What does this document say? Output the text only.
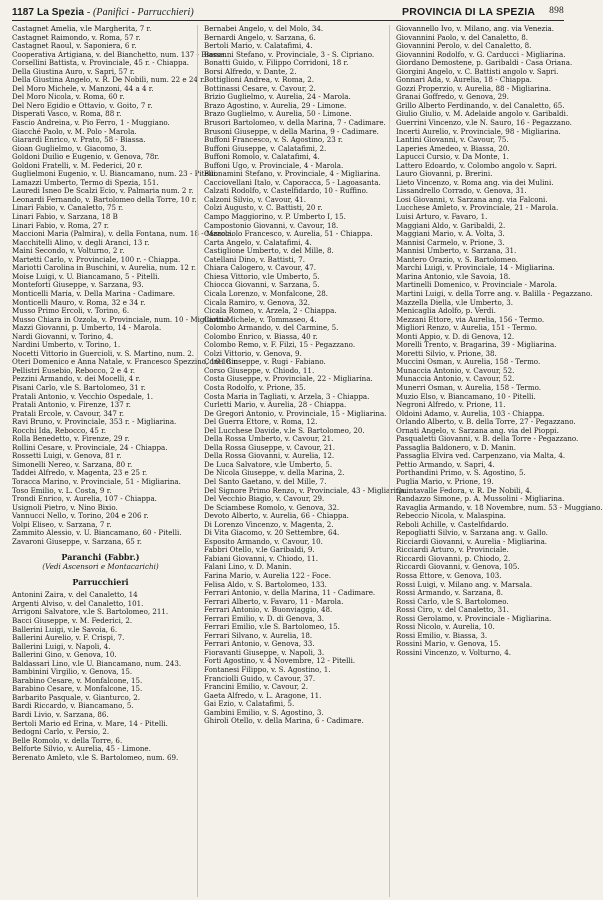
1187 La Spezia - (Panifici - Parrucchieri)	PROVINCIA DI LA SPEZIA 898
Castagnet Amelia, v.le Margherita, 7 r.
Castagnet Raimondo, v. Roma, 57 r.
Castagnet Raoul, v. Saponiera, 6 r.
Cooperativa Artigiana, v. del Bianchetto, num. 137 - Biassa.
Corsellini Battista, v. Provinciale, 45 r. - Chiappa.
Della Giustina Auro, v. Sapri, 57 r.
Della Giustina Angelo, v. R. De Nobili, num. 22 e 24 r.
Del Moro Michele, v. Manzoni, 44 a 4 r.
Del Moro Nicola, v. Roma, 60 r.
Del Nero Egidio e Ottavio, v. Goito, 7 r.
Disperati Vasco, v. Roma, 88 r.
Fascio Andreina, v. Pio Ferro, 1 - Muggiano.
Giacché Paolo, v. M. Polo - Marola.
Giarardi Enrico, v. Prato, 58 - Biassa.
Gioan Guglielmo, v. Giacomo, 3.
Goldoni Duilio e Eugenio, v. Genova, 78r.
Goldoni Fratelli, v. M. Federici, 20 r.
Guglielmoni Eugenio, v. U. Biancamano, num. 23 - Pitelli.
Lamazzi Umberto, Termo di Spezia, 151.
Lauredi Isneo De Scalzi Ecio, v. Palmaria num. 2 r.
Leonardi Fernando, v. Bartolomeo della Torre, 10 r.
Linari Fabio, v. Canaletto, 75 r.
Linari Fabio, v. Sarzana, 18 B
Linari Fabio, v. Roma, 27 r.
Maccioni Maria (Palmira), v. della Fontana, num. 18 - Marola.
Macchitelli Alino, v. degli Aranci, 13 r.
Maini Secondo, v. Volturno, 2 r.
Martetti Carlo, v. Provinciale, 100 r. - Chiappa.
Mariotti Carolina in Buschini, v. Aurelia, num. 12 r.
Moise Luigi, v. U. Biancamano, 5 - Pitelli.
Monteforti Giuseppe, v. Sarzana, 93.
Monticelli Maria, v. Della Marina - Cadimare.
Monticelli Mauro, v. Roma, 32 e 34 r.
Musso Primo Ercoli, v. Torino, 6.
Musso Chiara in Ozzola, v. Provinciale, num. 10 - Migliarina.
Mazzi Giovanni, p. Umberto, 14 - Marola.
Nardi Giovanni, v. Torino, 4.
Nardini Umberto, v. Torino, 1.
Nocetti Vittorio in Guercioli, v. S. Martino, num. 2.
Oteri Domenico e Anna Natale, v. Francesco Spezzino, 16-18 r.
Pellistri Eusebio, Rebocco, 2 e 4 r.
Pezzini Armando, v. dei Mocelli, 4 r.
Pisani Carlo, v.le S. Bartolomeo, 31 r.
Pratali Antonio, v. Vecchio Ospedale, 1.
Pratali Antonio, v. Firenze, 137 r.
Pratali Ercole, v. Cavour, 347 r.
Ravi Bruno, v. Provinciale, 353 r. - Migliarina.
Rocchi Ida, Rebocco, 45 r.
Rolla Benedetto, v. Firenze, 29 r.
Rollini Cesare, v. Provinciale, 24 - Chiappa.
Rossetti Luigi, v. Genova, 81 r.
Simonelli Nereo, v. Sarzana, 80 r.
Taddei Alfredo, v. Magenta, 23 e 25 r.
Toracca Marino, v. Provinciale, 51 - Migliarina.
Toso Emilio, v. L. Costa, 9 r.
Trondi Enrico, v. Aurelia, 107 - Chiappa.
Usignoli Pietro, v. Nino Bixio.
Vannucci Nello, v. Torino, 204 e 206 r.
Volpi Eliseo, v. Sarzana, 7 r.
Zammito Alessio, v. U. Biancamano, 60 - Pitelli.
Zavaroni Giuseppe, v. Sarzana, 65 r.
Paranchi (Fabbr.)
(Vedi Ascensori e Montacarichi)
Parrucchieri
Antonini Zaira, v. del Canaletto, 14
Argenti Alviso, v. del Canaletto, 101.
Arrigoni Salvatore, v.le S. Bartolomeo, 211.
Bacci Giuseppe, v. M. Federici, 2.
Ballerini Luigi, v.le Savoia, 6.
Ballerini Aurelio, v. F. Crispi, 7.
Ballerini Luigi, v. Napoli, 4.
Ballerini Gino, v. Genova, 10.
Baldassari Lino, v.le U. Biancamano, num. 243.
Bambinini Virgilio, v. Genova, 15.
Barabino Cesare, v. Monfalcone, 15.
Barabino Cesare, v. Monfalcone, 15.
Barbarito Pasquale, v. Gianturco, 2.
Bardi Riccardo, v. Biancamano, 5.
Bardi Livio, v. Sarzana, 86.
Bertoli Mario ed Erina, v. Mare, 14 - Pitelli.
Bedogni Carlo, v. Persio, 2.
Belle Romolo, v. della Torre, 6.
Belforte Silvio, v. Aurelia, 45 - Limone.
Berenato Amleto, v.le S. Bartolomeo, num. 69.
Bernabei Angelo, v. del Molo, 34.
Bernardi Angelo, v. Sarzana, 6.
Bertoli Mario, v. Calatafimi, 4.
Bonanni Stefano, v. Provinciale, 3 - S. Cipriano.
Bonatti Guido, v. Filippo Corridoni, 18 r.
Borsi Alfredo, v. Dante, 2.
Bottiglioni Andrea, v. Roma, 2.
Bottinassi Cesare, v. Cavour, 2.
Brizio Guglielmo, v. Aurelia, 24 - Marola.
Brazo Agostino, v. Aurelia, 29 - Limone.
Brazo Guglielmo, v. Aurelia, 50 - Limone.
Brusori Bartolomeo, v. della Marina, 7 - Cadimare.
Brusoni Giuseppe, v. della Marina, 9 - Cadimare.
Buffoni Francesco, v. S. Agostino, 23 r.
Buffoni Giuseppe, v. Calatafimi, 2.
Buffoni Romolo, v. Calatafimi, 4.
Buffoni Ugo, v. Provinciale, 4 - Marola.
Buonamini Stefano, v. Provinciale, 4 - Migliarina.
Cacciovellani Italo, v. Caporacca, 5 - Lagoasanta.
Calzati Rodolfo, v. Castelfidardo, 10 - Ruffino.
Calzoni Silvio, v. Cavour, 41.
Colzi Augusto, v. C. Battisti, 20 r.
Campo Maggiorino, v. P. Umberto I, 15.
Campostonio Giovanni, v. Cavour, 18.
Caracciolo Francesco, v. Aurelia, 51 - Chiappa.
Carta Angelo, v. Calatafimi, 4.
Castiglione Umberto, v. del Mille, 8.
Catellani Dino, v. Battisti, 7.
Chiara Calogero, v. Cavour, 47.
Chiesa Vittorio, v.le Umberto, 5.
Chiocca Giovanni, v. Sarzana, 5.
Cicala Lorenzo, v. Monfalcone, 28.
Cicala Ramiro, v. Genova, 32.
Cicala Romeo, v. Arzela, 2 - Chiappa.
Ciotti Michele, v. Tommaseo, 4.
Colombo Armando, v. del Carmine, 5.
Colombo Enrico, v. Biassa, 40 r.
Colombo Remo, v. F. Filzi, 15 - Pegazzano.
Colzi Vittorio, v. Genova, 9.
Conti Giuseppe, v. Rugi - Fabiano.
Corso Giuseppe, v. Chiodo, 11.
Costa Giuseppe, v. Provinciale, 22 - Migliarina.
Costa Rodolfo, v. Prione, 35.
Costa Maria in Tagliati, v. Arzela, 3 - Chiappa.
Curletti Mario, v. Aurelia, 28 - Chiappa.
De Gregori Antonio, v. Provinciale, 15 - Migliarina.
Del Guerra Ettore, v. Roma, 12.
Del Lucchese Davide, v.le S. Bartolomeo, 20.
Della Rossa Umberto, v. Cavour, 21.
Della Rossa Giuseppe, v. Cavour, 21.
Della Rossa Giovanni, v. Aurelia, 12.
De Luca Salvatore, v.le Umberto, 5.
De Nicola Giuseppe, v. della Marina, 2.
Del Santo Gaetano, v. del Mille, 7.
Del Signore Primo Renzo, v. Provinciale, 43 - Migliarina.
Del Vecchio Biagio, v. Cavour, 29.
De Sciambese Romolo, v. Genova, 32.
Devoto Alberto, v. Aurelia, 66 - Chiappa.
Di Lorenzo Vincenzo, v. Magenta, 2.
Di Vita Giacomo, v. 20 Settembre, 64.
Esposito Armando, v. Cavour, 10.
Fabbri Otello, v.le Garibaldi, 9.
Fabiani Giovanni, v. Chiodo, 11.
Falani Lino, v. D. Manin.
Farina Mario, v. Aurelia 122 - Foce.
Felisa Aldo, v. S. Bartolomeo, 133.
Ferrari Antonio, v. della Marina, 11 - Cadimare.
Ferrari Alberto, v. Favaro, 11 - Marola.
Ferrari Antonio, v. Buonviaggio, 48.
Ferrari Emilio, v. D. di Genova, 3.
Ferrari Emilio, v.le S. Bartolomeo, 15.
Ferrari Silvano, v. Aurelia, 18.
Ferrari Antonio, v. Genova, 33.
Fioravanti Giuseppe, v. Napoli, 3.
Forti Agostino, v. 4 Novembre, 12 - Pitelli.
Fontanesi Filippo, v. S. Agostino, 1.
Franciolli Guido, v. Cavour, 37.
Francini Emilio, v. Cavour, 2.
Gaeta Alfredo, v. L. Aragone, 11.
Gai Ezio, v. Calatafimi, 5.
Gambini Emilio, v. S. Agostino, 3.
Ghiroli Otello, v. della Marina, 6 - Cadimare.
Giovannello Ivo, v. Milano, ang. via Venezia.
Giovannini Paolo, v. del Canaletto, 8.
Giovannini Perolo, v. del Canaletto, 8.
Giovannini Rodolfo, v. G. Carducci - Migliarina.
Giordano Demostene, p. Garibaldi - Casa Oriana.
Giorgini Angelo, v. C. Battisti angolo v. Sapri.
Gonnari Ada, v. Aurelia, 18 - Chiappa.
Gozzi Properzio, v. Aurelia, 88 - Migliarina.
Granai Goffredo, v. Genova, 29.
Grillo Alberto Ferdinando, v. del Canaletto, 65.
Giulio Giulio, v. M. Adelaide angolo v. Garibaldi.
Guerrini Vincenzo, v.le N. Sauro, 16 - Pegazzano.
Incerti Aurelio, v. Provinciale, 98 - Migliarina.
Lantini Giovanni, v. Cavour, 75.
Laperies Amedeo, v. Biassa, 20.
Lapucci Cursio, v. Da Monte, 1.
Lattero Edoardo, v. Colombo angolo v. Sapri.
Lauro Giovanni, p. Brerini.
Lieto Vincenzo, v. Roma ang. via dei Mulini.
Lissandrello Corrado, v. Genova, 31.
Losi Giovanni, v. Sarzana ang. via Falconi.
Lucchese Amleto, v. Provinciale, 21 - Marola.
Luisi Arturo, v. Favaro, 1.
Maggiani Aldo, v. Garibaldi, 2.
Maggiani Mario, v. A. Volta, 3.
Mannisi Carmelo, v. Prione, 3.
Mannisi Umberto, v. Sarzana, 31.
Mantero Orazio, v. S. Bartolomeo.
Marchi Luigi, v. Provinciale, 14 - Migliarina.
Marina Antonio, v.le Savoia, 18.
Martinelli Domenico, v. Provinciale - Marola.
Martini Luigi, v. della Torre ang. v. Balilla - Pegazzano.
Mazzella Diella, v.le Umberto, 3.
Menicaglia Adolfo, p. Verdi.
Mezzani Ettore, via Aurelia, 156 - Termo.
Migliori Renzo, v. Aurelia, 151 - Termo.
Monti Appio, v. D. di Genova, 12.
Morelli Trento, v. Bragarina, 39 - Migliarina.
Moretti Silvio, v. Prione, 38.
Muccini Osman, v. Aurelia, 158 - Termo.
Munaccia Antonio, v. Cavour, 52.
Munaccia Antonio, v. Cavour, 52.
Munerri Osman, v. Aurelia, 158 - Termo.
Muzio Elso, v. Biancamano, 10 - Pitelli.
Negroni Alfredo, v. Prione, 11.
Oldoini Adamo, v. Aurelia, 103 - Chiappa.
Orlando Alberto, v. B. della Torre, 27 - Pegazzano.
Ornati Angelo, v. Sarzana ang. via del Pioppi.
Pasqualetti Giovanni, v. B. della Torre - Pegazzano.
Passaglia Baldonero, v. D. Manin.
Passaglia Elvira ved. Carpenzano, via Malta, 4.
Pettio Armando, v. Sapri, 4.
Porthandini Primo, v. S. Agostino, 5.
Puglia Mario, v. Prione, 19.
Quintavalle Fedora, v. R. De Nobili, 4.
Randazzo Simone, p. A. Mussolini - Migliarina.
Ravaglia Armando, v. 18 Novembre, num. 53 - Muggiano.
Rebeccio Nicola, v. Malaspina.
Reboli Achille, v. Castelfidardo.
Repogliatti Silvio, v. Sarzana ang. v. Gallo.
Ricciardi Giovanni, v. Aurelia - Migliarina.
Ricciardi Arturo, v. Provinciale.
Riccardi Giovanni, p. Chiodo, 2.
Riccardi Giovanni, v. Genova, 105.
Rossa Ettore, v. Genova, 103.
Rossi Luigi, v. Milano ang. v. Marsala.
Rossi Armando, v. Sarzana, 8.
Rossi Carlo, v.le S. Bartolomeo.
Rossi Ciro, v. del Canaletto, 31.
Rossi Gerolamo, v. Provinciale - Migliarina.
Rossi Nicolo, v. Aurelia, 10.
Rossi Emilio, v. Biassa, 3.
Rossini Mario, v. Genova, 15.
Rossini Vincenzo, v. Volturno, 4.
